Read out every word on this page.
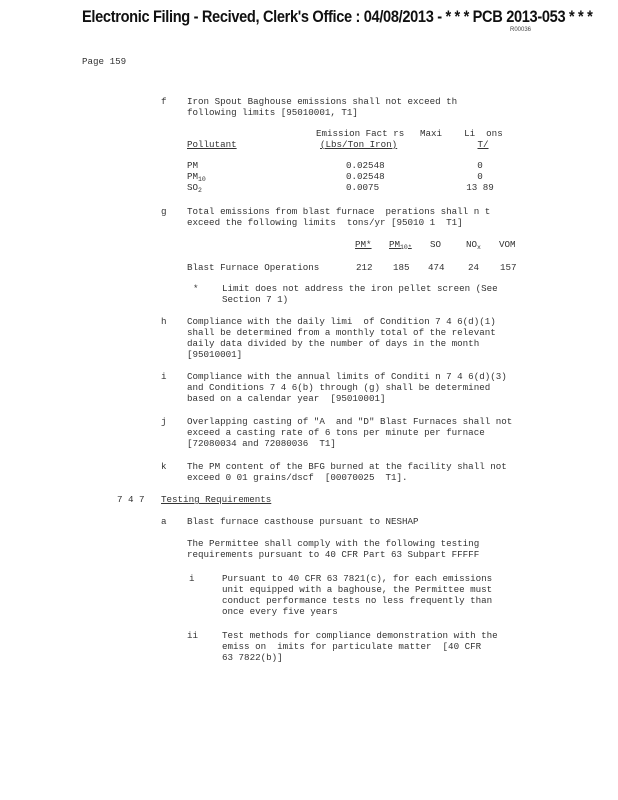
Electronic Filing - Recived, Clerk's Office : 04/08/2013 - * * * PCB 2013-053 * * *
R00036
Page 159
f Iron Spout Baghouse emissions shall not exceed th
following limits [95010001, T1]
Emission Fact rs Maxi    Li  ons
Pollutant	(Lbs/Ton Iron)	T/
PM	0.02548	0
$PM_{10}$	0.02548	0
$SO_2$	0.0075	13 89
g Total emissions from blast furnace  perations shall n t
exceed the following limits  tons/yr [95010 1  T1]
PM* $PM_{10*}$ SO	$NO_x$ VOM
Blast Furnace Operations	212 185 474	24 157
*	Limit does not address the iron pellet screen (See
Section 7 1)
h Compliance with the daily limi  of Condition 7 4 6(d)(1)
shall be determined from a monthly total of the relevant
daily data divided by the number of days in the month
[95010001]
i Compliance with the annual limits of Conditi n 7 4 6(d)(3)
and Conditions 7 4 6(b) through (g) shall be determined
based on a calendar year  [95010001]
j Overlapping casting of "A  and "D" Blast Furnaces shall not
exceed a casting rate of 6 tons per minute per furnace
[72080034 and 72080036  T1]
k The PM content of the BFG burned at the facility shall not
exceed 0 01 grains/dscf  [00070025  T1].
7 4 7 Testing Requirements
a Blast furnace casthouse pursuant to NESHAP
The Permittee shall comply with the following testing
requirements pursuant to 40 CFR Part 63 Subpart FFFFF
i	Pursuant to 40 CFR 63 7821(c), for each emissions
unit equipped with a baghouse, the Permittee must
conduct performance tests no less frequently than
once every five years
ii	Test methods for compliance demonstration with the
emiss on  imits for particulate matter  [40 CFR
63 7822(b)]
